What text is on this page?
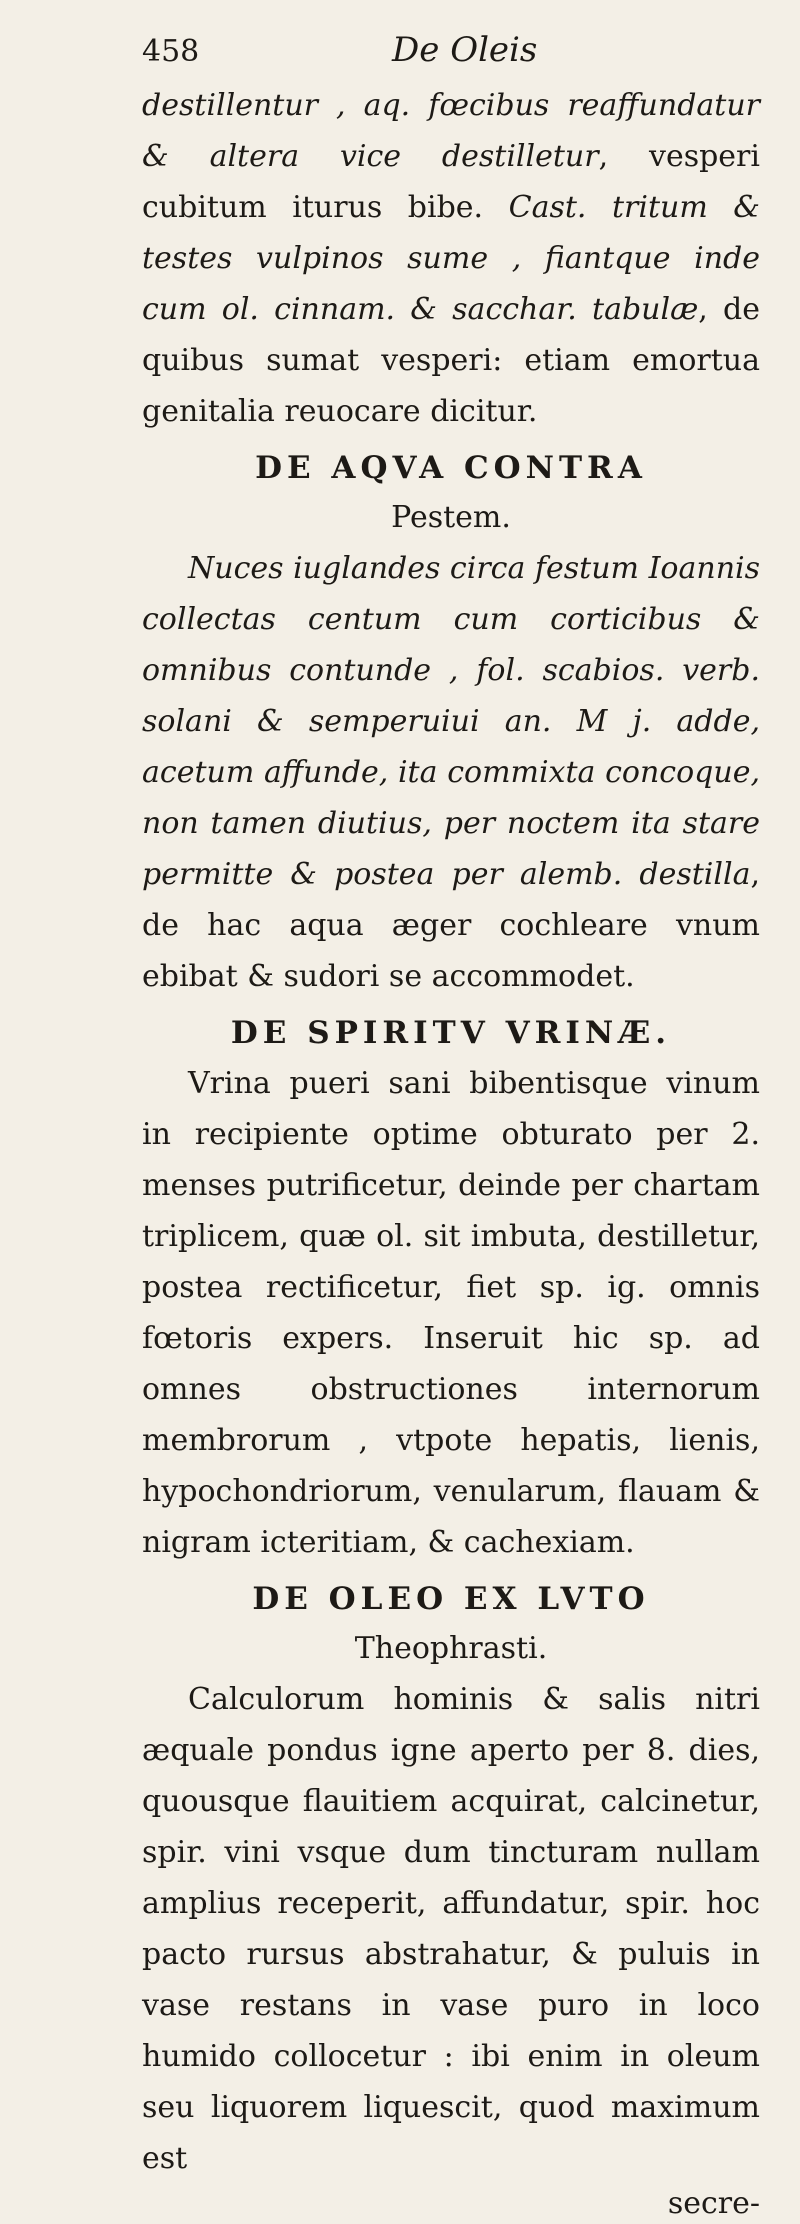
458	De Oleis

destillentur , aq. fœcibus reaffundatur & altera vice destilletur, vesperi cubitum iturus bibe. Cast. tritum & testes vulpinos sume , fiantque inde cum ol. cinnam. & sacchar. tabulæ, de quibus sumat vesperi: etiam emortua genitalia reuocare dicitur.

DE AQVA CONTRA

Pestem.

Nuces iuglandes circa festum Ioannis collectas centum cum corticibus & omnibus contunde , fol. scabios. verb. solani & semperuiui an. M j. adde, acetum affunde, ita commixta concoque, non tamen diutius, per noctem ita stare permitte & postea per alemb. destilla, de hac aqua æger cochleare vnum ebibat & sudori se accommodet.

DE SPIRITV VRINÆ.

Vrina pueri sani bibentisque vinum in recipiente optime obturato per 2. menses putrificetur, deinde per chartam triplicem, quæ ol. sit imbuta, destilletur, postea rectificetur, fiet sp. ig. omnis fœtoris expers. Inseruit hic sp. ad omnes obstructiones internorum membrorum , vtpote hepatis, lienis, hypochondriorum, venularum, flauam & nigram icteritiam, & cachexiam.

DE OLEO EX LVTO

Theophrasti.

Calculorum hominis & salis nitri æquale pondus igne aperto per 8. dies, quousque flauitiem acquirat, calcinetur, spir. vini vsque dum tincturam nullam amplius receperit, affundatur, spir. hoc pacto rursus abstrahatur, & puluis in vase restans in vase puro in loco humido collocetur : ibi enim in oleum seu liquorem liquescit, quod maximum est

secre-
